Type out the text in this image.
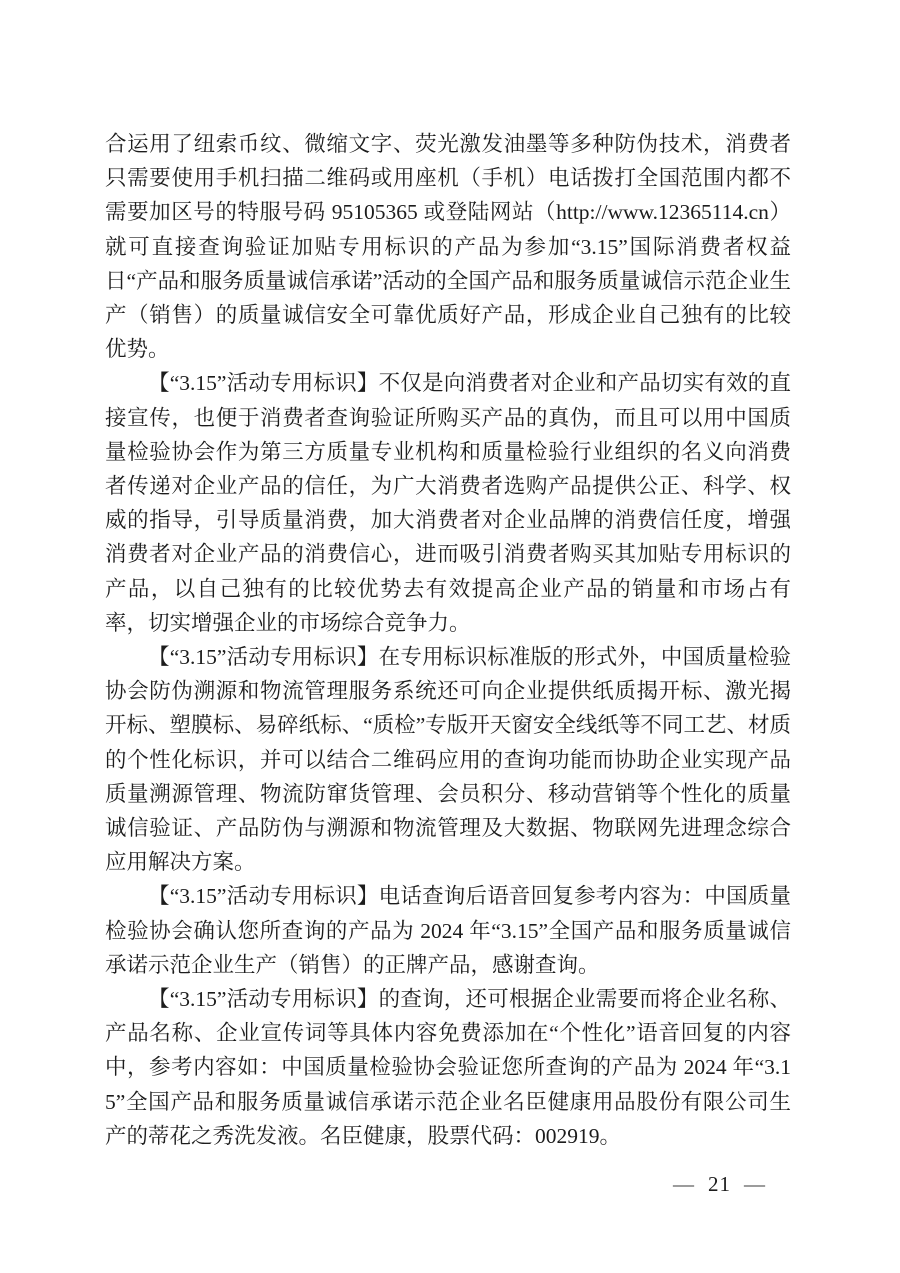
合运用了纽索币纹、微缩文字、荧光激发油墨等多种防伪技术，消费者只需要使用手机扫描二维码或用座机（手机）电话拨打全国范围内都不需要加区号的特服号码 95105365 或登陆网站（http://www.12365114.cn）就可直接查询验证加贴专用标识的产品为参加“3.15”国际消费者权益日“产品和服务质量诚信承诺”活动的全国产品和服务质量诚信示范企业生产（销售）的质量诚信安全可靠优质好产品，形成企业自己独有的比较优势。

【“3.15”活动专用标识】不仅是向消费者对企业和产品切实有效的直接宣传，也便于消费者查询验证所购买产品的真伪，而且可以用中国质量检验协会作为第三方质量专业机构和质量检验行业组织的名义向消费者传递对企业产品的信任，为广大消费者选购产品提供公正、科学、权威的指导，引导质量消费，加大消费者对企业品牌的消费信任度，增强消费者对企业产品的消费信心，进而吸引消费者购买其加贴专用标识的产品，以自己独有的比较优势去有效提高企业产品的销量和市场占有率，切实增强企业的市场综合竞争力。

【“3.15”活动专用标识】在专用标识标准版的形式外，中国质量检验协会防伪溯源和物流管理服务系统还可向企业提供纸质揭开标、激光揭开标、塑膜标、易碎纸标、“质检”专版开天窗安全线纸等不同工艺、材质的个性化标识，并可以结合二维码应用的查询功能而协助企业实现产品质量溯源管理、物流防窜货管理、会员积分、移动营销等个性化的质量诚信验证、产品防伪与溯源和物流管理及大数据、物联网先进理念综合应用解决方案。

【“3.15”活动专用标识】电话查询后语音回复参考内容为：中国质量检验协会确认您所查询的产品为 2024 年“3.15”全国产品和服务质量诚信承诺示范企业生产（销售）的正牌产品，感谢查询。

【“3.15”活动专用标识】的查询，还可根据企业需要而将企业名称、产品名称、企业宣传词等具体内容免费添加在“个性化”语音回复的内容中，参考内容如：中国质量检验协会验证您所查询的产品为 2024 年“3.15”全国产品和服务质量诚信承诺示范企业名臣健康用品股份有限公司生产的蒂花之秀洗发液。名臣健康，股票代码：002919。

— 21 —
